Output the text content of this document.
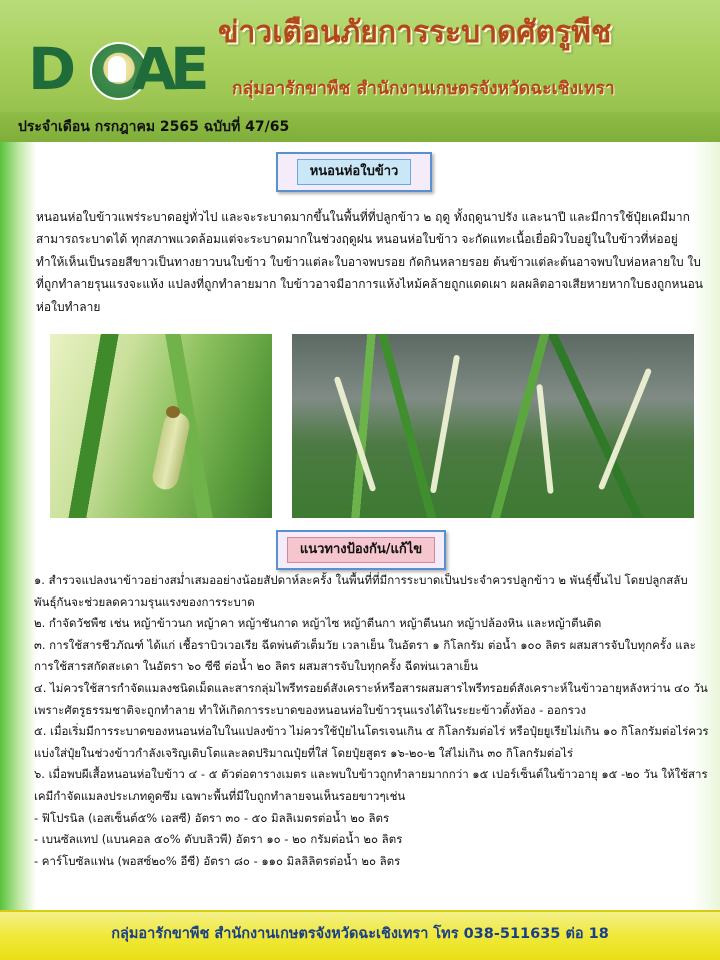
D A
E
ข่าวเตือนภัยการระบาดศัตรูพืช
กลุ่มอารักขาพืช สำนักงานเกษตรจังหวัดฉะเชิงเทรา
ประจำเดือน กรกฎาคม 2565 ฉบับที่ 47/65
หนอนห่อใบข้าว
หนอนห่อใบข้าวแพร่ระบาดอยู่ทั่วไป และจะระบาดมากขึ้นในพื้นที่ที่ปลูกข้าว ๒ ฤดู ทั้งฤดูนาปรัง และนาปี และมีการใช้ปุ๋ยเคมีมาก สามารถระบาดได้ ทุกสภาพแวดล้อมแต่จะระบาดมากในช่วงฤดูฝน หนอนห่อใบข้าว จะกัดแทะเนื้อเยื่อผิวใบอยู่ในใบข้าวที่ห่ออยู่ ทำให้เห็นเป็นรอยสีขาวเป็นทางยาวบนใบข้าว ใบข้าวแต่ละใบอาจพบรอย กัดกินหลายรอย ต้นข้าวแต่ละต้นอาจพบใบห่อหลายใบ ใบที่ถูกทำลายรุนแรงจะแห้ง แปลงที่ถูกทำลายมาก ใบข้าวอาจมีอาการแห้งไหม้คล้ายถูกแดดเผา ผลผลิตอาจเสียหายหากใบธงถูกหนอนห่อใบทำลาย
แนวทางป้องกัน/แก้ไข

๑. สำรวจแปลงนาข้าวอย่างสม่ำเสมออย่างน้อยสัปดาห์ละครั้ง ในพื้นที่ที่มีการระบาดเป็นประจำควรปลูกข้าว ๒ พันธุ์ขึ้นไป โดยปลูกสลับพันธุ์กันจะช่วยลดความรุนแรงของการระบาด

๒. กำจัดวัชพืช เช่น หญ้าข้าวนก หญ้าคา หญ้าชันกาด หญ้าไซ หญ้าตีนกา หญ้าตีนนก หญ้าปล้องหิน และหญ้าตีนติด

๓. การใช้สารชีวภัณฑ์ ได้แก่ เชื้อราบิวเวอเรีย ฉีดพ่นตัวเต็มวัย เวลาเย็น ในอัตรา ๑ กิโลกรัม ต่อน้ำ ๑๐๐ ลิตร ผสมสารจับใบทุกครั้ง และ การใช้สารสกัดสะเดา ในอัตรา ๖๐ ซีซี ต่อน้ำ ๒๐ ลิตร ผสมสารจับใบทุกครั้ง ฉีดพ่นเวลาเย็น

๔. ไม่ควรใช้สารกำจัดแมลงชนิดเม็ดและสารกลุ่มไพรีทรอยด์สังเคราะห์หรือสารผสมสารไพรีทรอยด์สังเคราะห์ในข้าวอายุหลังหว่าน ๔๐ วัน เพราะศัตรูธรรมชาติจะถูกทำลาย ทำให้เกิดการระบาดของหนอนห่อใบข้าวรุนแรงได้ในระยะข้าวตั้งท้อง - ออกรวง

๕. เมื่อเริ่มมีการระบาดของหนอนห่อใบในแปลงข้าว ไม่ควรใช้ปุ๋ยไนโตรเจนเกิน ๕ กิโลกรัมต่อไร่ หรือปุ๋ยยูเรียไม่เกิน ๑๐ กิโลกรัมต่อไร่ควรแบ่งใส่ปุ๋ยในช่วงข้าวกำลังเจริญเติบโตและลดปริมาณปุ๋ยที่ใส่ โดยปุ๋ยสูตร ๑๖-๒๐-๒ ใส่ไม่เกิน ๓๐ กิโลกรัมต่อไร่

๖. เมื่อพบผีเสื้อหนอนห่อใบข้าว ๔ - ๕ ตัวต่อตารางเมตร และพบใบข้าวถูกทำลายมากกว่า ๑๕ เปอร์เซ็นต์ในข้าวอายุ ๑๕ -๒๐ วัน ให้ใช้สารเคมีกำจัดแมลงประเภทดูดซึม เฉพาะพื้นที่มีใบถูกทำลายจนเห็นรอยขาวๆเช่น

- ฟิโปรนิล (เอสเซ็นต์๕% เอสซี) อัตรา ๓๐ - ๕๐ มิลลิเมตรต่อน้ำ ๒๐ ลิตร

- เบนซัลแทป (แบนคอล ๕๐% ดับบลิวพี) อัตรา ๑๐ - ๒๐ กรัมต่อน้ำ ๒๐ ลิตร

- คาร์โบซัลแฟน (พอสซ์๒๐% อีซี) อัตรา ๘๐ - ๑๑๐ มิลลิลิตรต่อน้ำ ๒๐ ลิตร

กลุ่มอารักขาพืช สำนักงานเกษตรจังหวัดฉะเชิงเทรา โทร 038-511635 ต่อ 18
